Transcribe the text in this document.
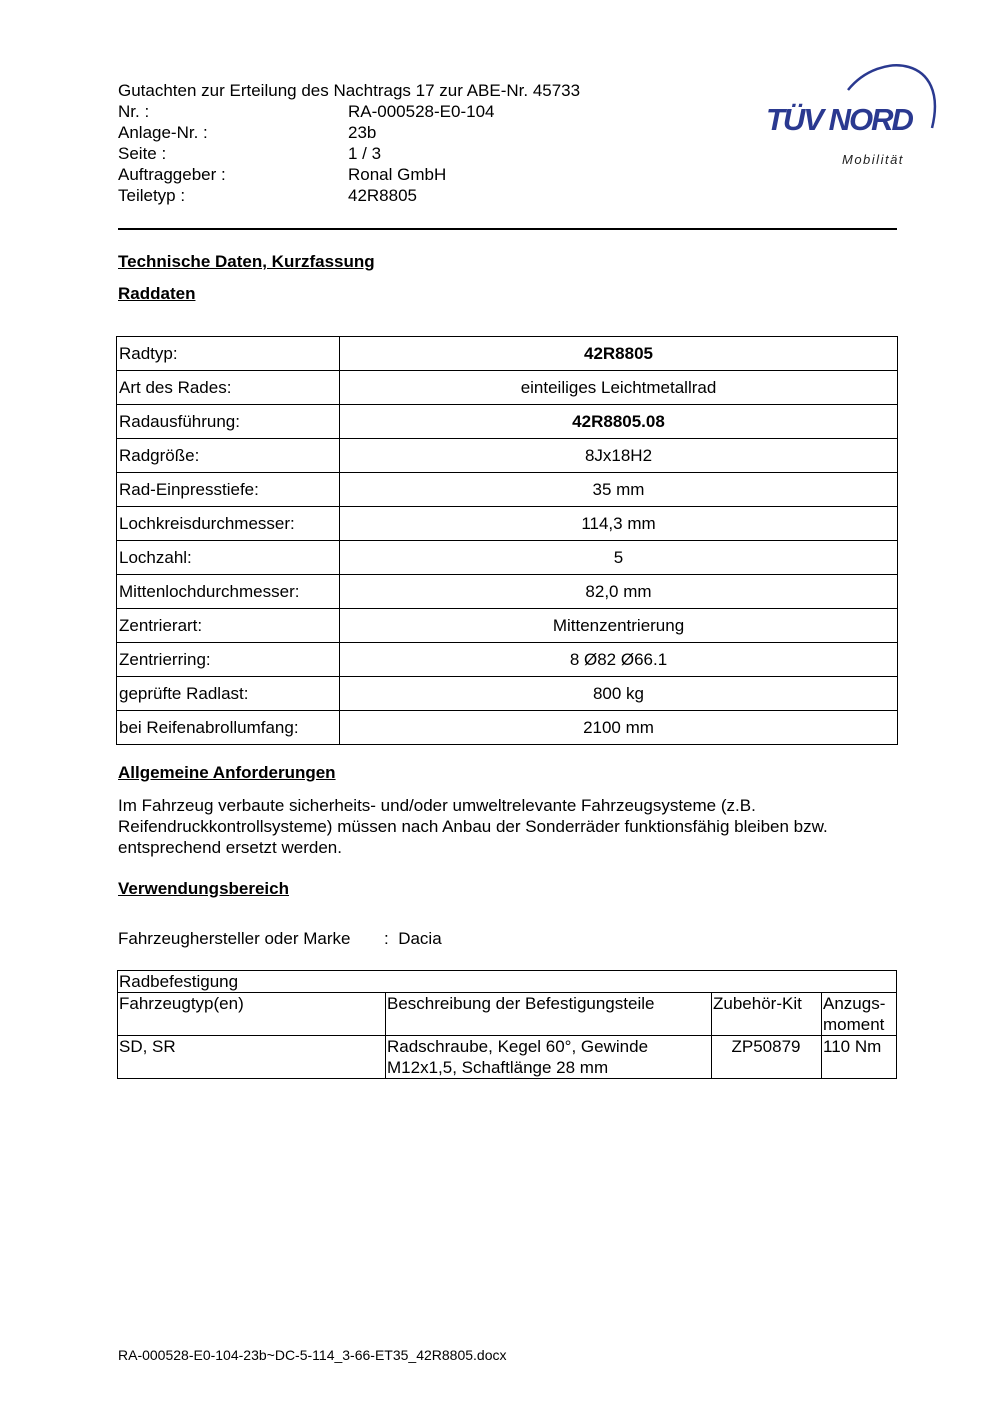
Gutachten zur Erteilung des Nachtrags 17 zur ABE-Nr. 45733
Nr. :	RA-000528-E0-104
Anlage-Nr. :	23b
Seite :	1 / 3
Auftraggeber :	Ronal GmbH
Teiletyp :	42R8805
TÜV NORD
Mobilität
Technische Daten, Kurzfassung
Raddaten
Radtyp:	42R8805
Art des Rades:	einteiliges Leichtmetallrad
Radausführung:	42R8805.08
Radgröße:	8Jx18H2
Rad-Einpresstiefe:	35 mm
Lochkreisdurchmesser:	114,3 mm
Lochzahl:	5
Mittenlochdurchmesser:	82,0 mm
Zentrierart:	Mittenzentrierung
Zentrierring:	8 Ø82 Ø66.1
geprüfte Radlast:	800 kg
bei Reifenabrollumfang:	2100 mm
Allgemeine Anforderungen
Im Fahrzeug verbaute sicherheits- und/oder umweltrelevante Fahrzeugsysteme (z.B. Reifendruckkontrollsysteme) müssen nach Anbau der Sonderräder funktionsfähig bleiben bzw. entsprechend ersetzt werden.
Verwendungsbereich
Fahrzeughersteller oder Marke : Dacia
Radbefestigung			
Fahrzeugtyp(en)	Beschreibung der Befestigungsteile	Zubehör-Kit	Anzugs-
moment

SD, SR	Radschraube, Kegel 60°, Gewinde
M12x1,5, Schaftlänge 28 mm	ZP50879	110 Nm
RA-000528-E0-104-23b~DC-5-114_3-66-ET35_42R8805.docx
